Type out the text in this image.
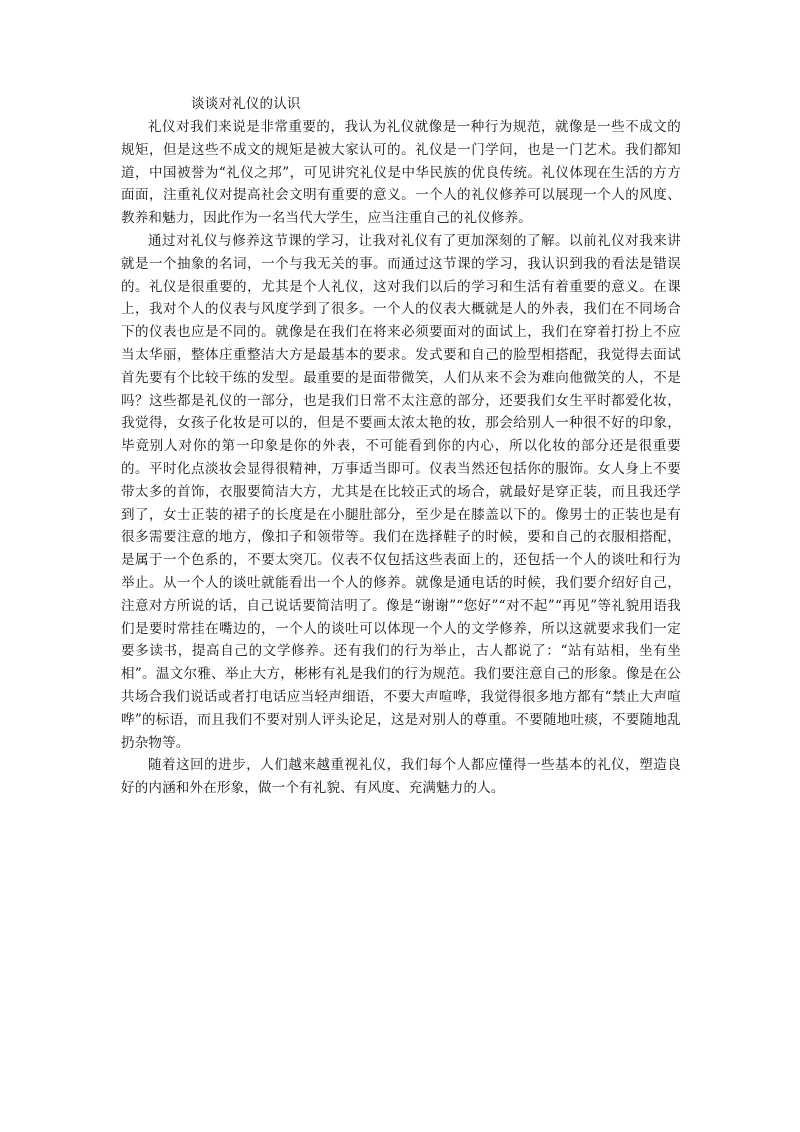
谈谈对礼仪的认识

礼仪对我们来说是非常重要的，我认为礼仪就像是一种行为规范，就像是一些不成文的规矩，但是这些不成文的规矩是被大家认可的。礼仪是一门学问，也是一门艺术。我们都知道，中国被誉为“礼仪之邦”，可见讲究礼仪是中华民族的优良传统。礼仪体现在生活的方方面面，注重礼仪对提高社会文明有重要的意义。一个人的礼仪修养可以展现一个人的风度、教养和魅力，因此作为一名当代大学生，应当注重自己的礼仪修养。

通过对礼仪与修养这节课的学习，让我对礼仪有了更加深刻的了解。以前礼仪对我来讲就是一个抽象的名词，一个与我无关的事。而通过这节课的学习，我认识到我的看法是错误的。礼仪是很重要的，尤其是个人礼仪，这对我们以后的学习和生活有着重要的意义。在课上，我对个人的仪表与风度学到了很多。一个人的仪表大概就是人的外表，我们在不同场合下的仪表也应是不同的。就像是在我们在将来必须要面对的面试上，我们在穿着打扮上不应当太华丽，整体庄重整洁大方是最基本的要求。发式要和自己的脸型相搭配，我觉得去面试首先要有个比较干练的发型。最重要的是面带微笑，人们从来不会为难向他微笑的人，不是吗？这些都是礼仪的一部分，也是我们日常不太注意的部分，还要我们女生平时都爱化妆，我觉得，女孩子化妆是可以的，但是不要画太浓太艳的妆，那会给别人一种很不好的印象，毕竟别人对你的第一印象是你的外表，不可能看到你的内心，所以化妆的部分还是很重要的。平时化点淡妆会显得很精神，万事适当即可。仪表当然还包括你的服饰。女人身上不要带太多的首饰，衣服要简洁大方，尤其是在比较正式的场合，就最好是穿正装，而且我还学到了，女士正装的裙子的长度是在小腿肚部分，至少是在膝盖以下的。像男士的正装也是有很多需要注意的地方，像扣子和领带等。我们在选择鞋子的时候，要和自己的衣服相搭配，是属于一个色系的，不要太突兀。仪表不仅包括这些表面上的，还包括一个人的谈吐和行为举止。从一个人的谈吐就能看出一个人的修养。就像是通电话的时候，我们要介绍好自己，注意对方所说的话，自己说话要简洁明了。像是“谢谢”“您好”“对不起”“再见”等礼貌用语我们是要时常挂在嘴边的，一个人的谈吐可以体现一个人的文学修养，所以这就要求我们一定要多读书，提高自己的文学修养。还有我们的行为举止，古人都说了：“站有站相，坐有坐相”。温文尔雅、举止大方，彬彬有礼是我们的行为规范。我们要注意自己的形象。像是在公共场合我们说话或者打电话应当轻声细语，不要大声喧哗，我觉得很多地方都有“禁止大声喧哗”的标语，而且我们不要对别人评头论足，这是对别人的尊重。不要随地吐痰，不要随地乱扔杂物等。

随着这回的进步，人们越来越重视礼仪，我们每个人都应懂得一些基本的礼仪，塑造良好的内涵和外在形象，做一个有礼貌、有风度、充满魅力的人。
